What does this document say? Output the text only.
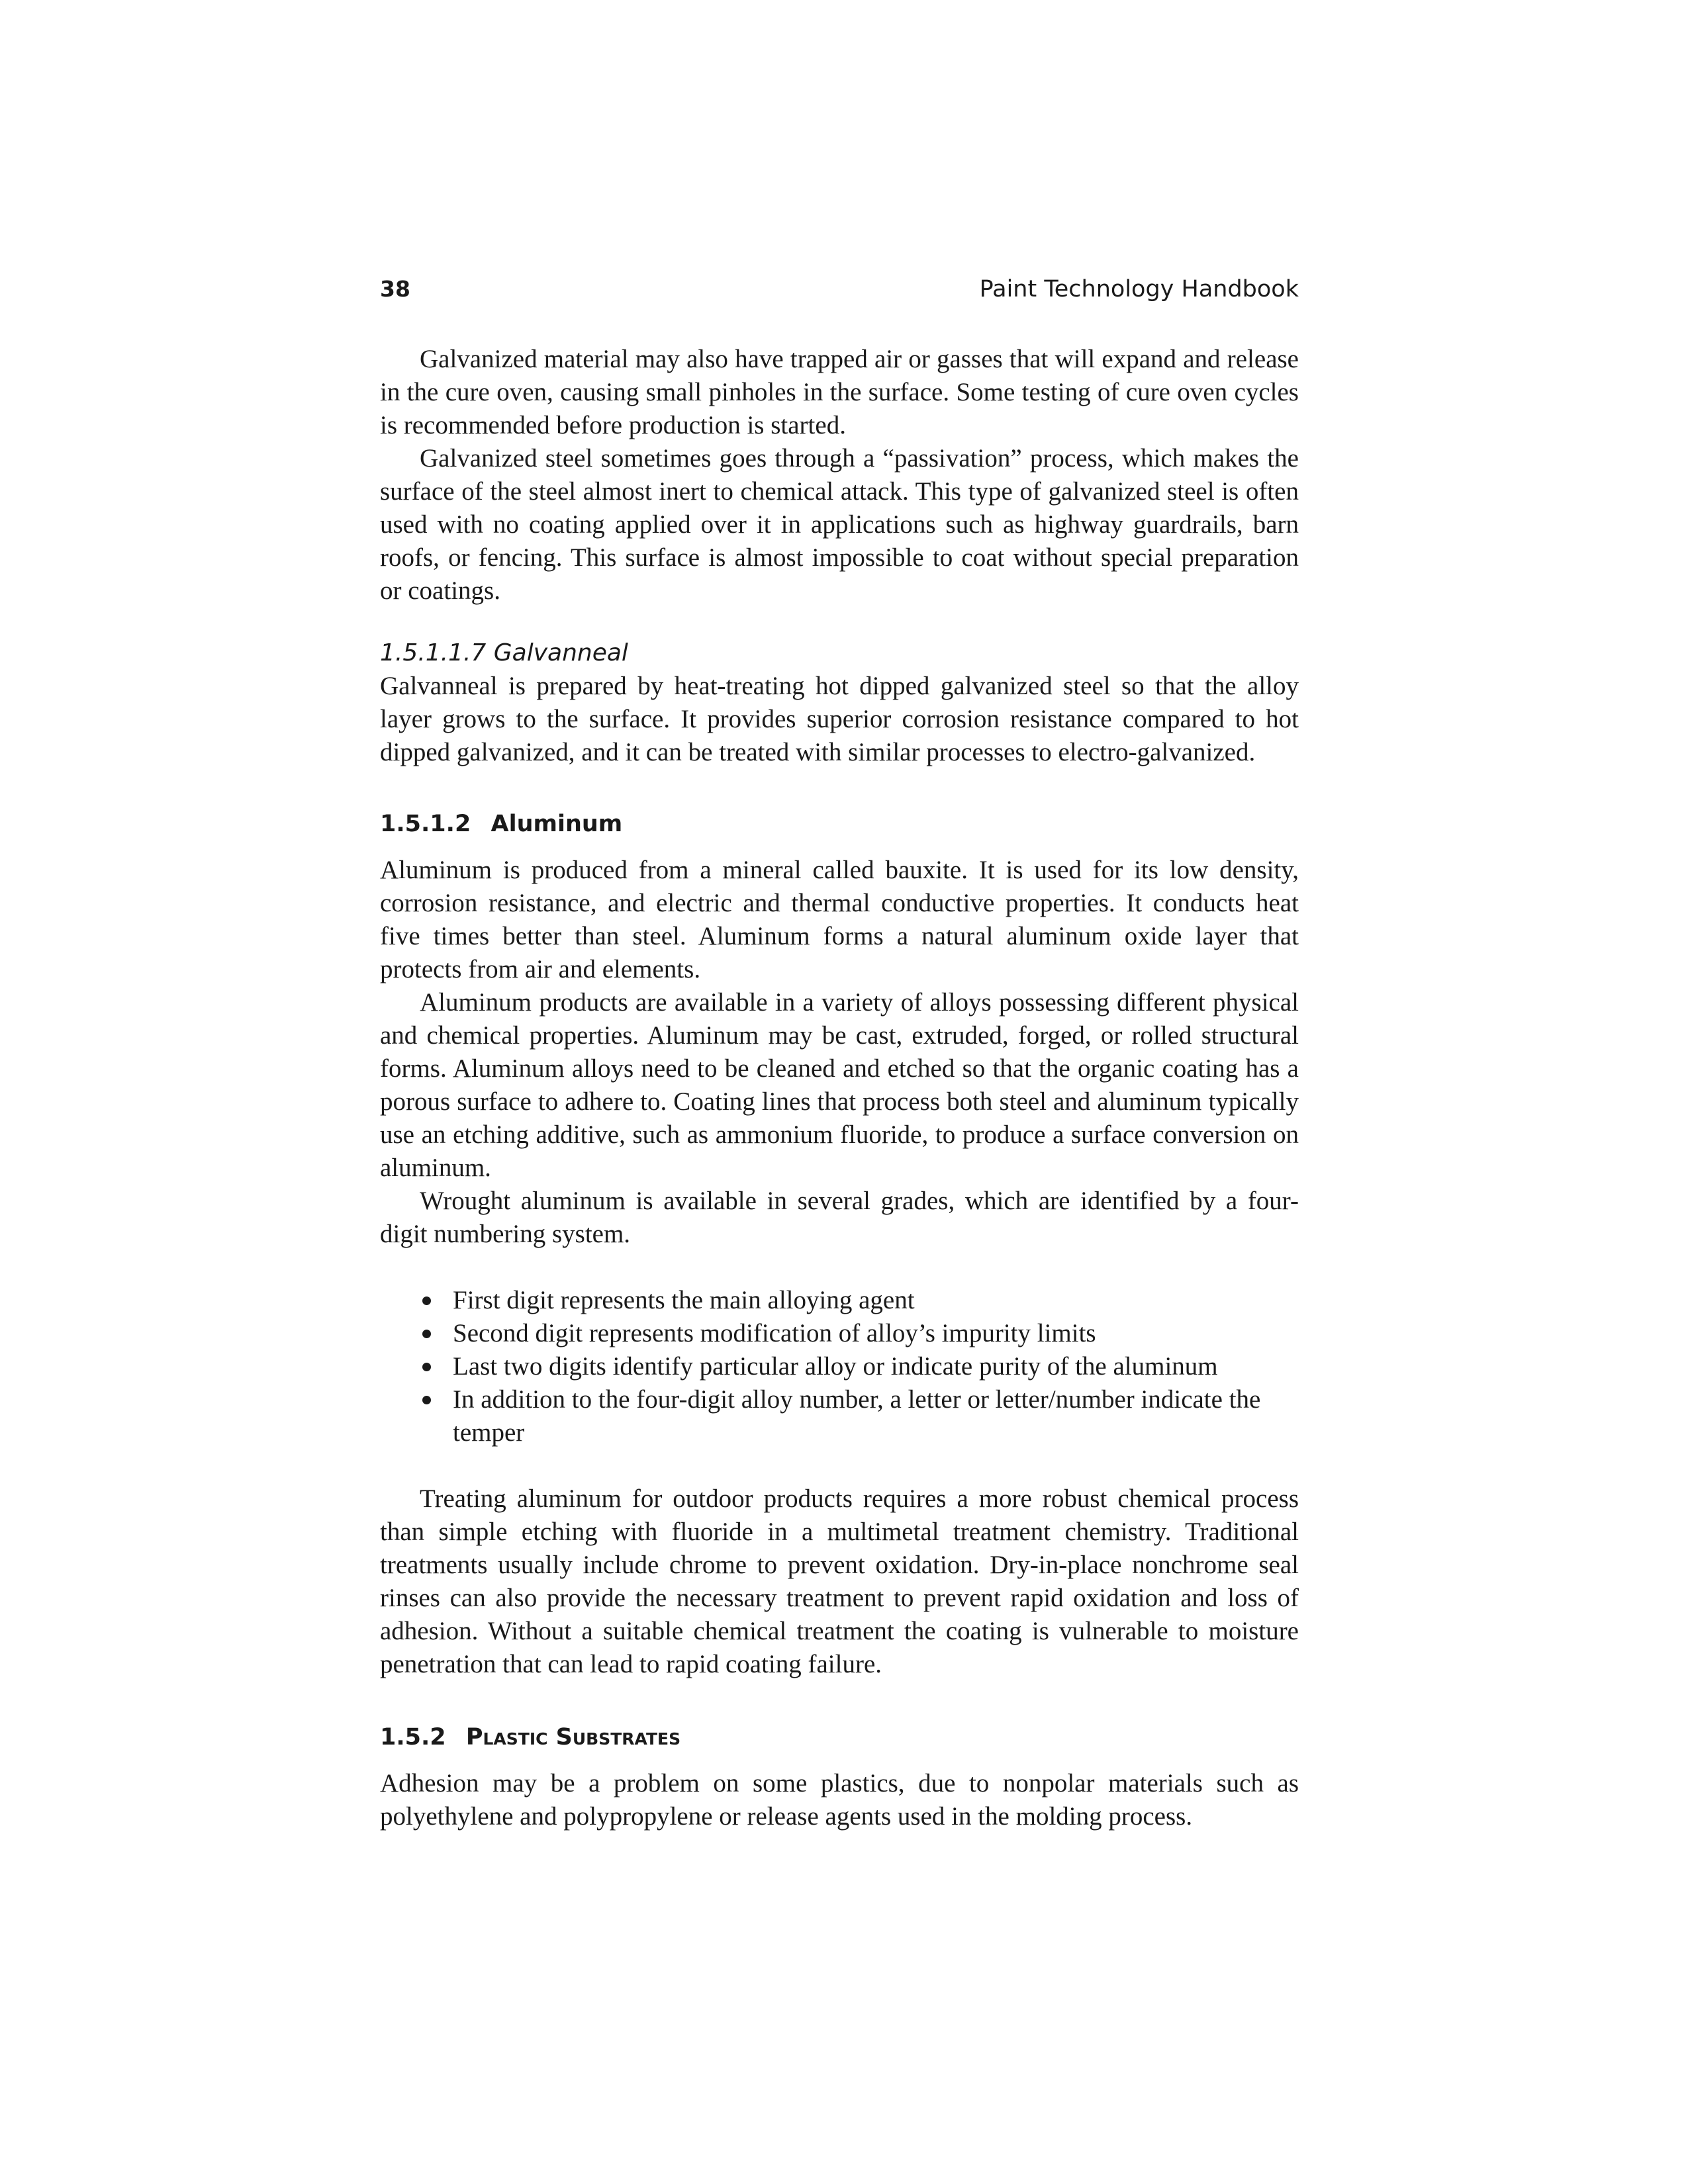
38	Paint Technology Handbook

Galvanized material may also have trapped air or gasses that will expand and release in the cure oven, causing small pinholes in the surface. Some testing of cure oven cycles is recommended before production is started.

Galvanized steel sometimes goes through a “passivation” process, which makes the surface of the steel almost inert to chemical attack. This type of galvanized steel is often used with no coating applied over it in applications such as highway guardrails, barn roofs, or fencing. This surface is almost impossible to coat without special preparation or coatings.

1.5.1.1.7 Galvanneal

Galvanneal is prepared by heat-treating hot dipped galvanized steel so that the alloy layer grows to the surface. It provides superior corrosion resistance compared to hot dipped galvanized, and it can be treated with similar processes to electro-galvanized.

1.5.1.2 Aluminum

Aluminum is produced from a mineral called bauxite. It is used for its low density, corrosion resistance, and electric and thermal conductive properties. It conducts heat five times better than steel. Aluminum forms a natural aluminum oxide layer that protects from air and elements.

Aluminum products are available in a variety of alloys possessing different physical and chemical properties. Aluminum may be cast, extruded, forged, or rolled structural forms. Aluminum alloys need to be cleaned and etched so that the organic coating has a porous surface to adhere to. Coating lines that process both steel and aluminum typically use an etching additive, such as ammonium fluoride, to produce a surface conversion on aluminum.

Wrought aluminum is available in several grades, which are identified by a four-digit numbering system.

First digit represents the main alloying agent
Second digit represents modification of alloy’s impurity limits
Last two digits identify particular alloy or indicate purity of the aluminum
In addition to the four-digit alloy number, a letter or letter/number indicate the temper

Treating aluminum for outdoor products requires a more robust chemical process than simple etching with fluoride in a multimetal treatment chemistry. Traditional treatments usually include chrome to prevent oxidation. Dry-in-place nonchrome seal rinses can also provide the necessary treatment to prevent rapid oxidation and loss of adhesion. Without a suitable chemical treatment the coating is vulnerable to moisture penetration that can lead to rapid coating failure.

1.5.2 Plastic Substrates

Adhesion may be a problem on some plastics, due to nonpolar materials such as polyethylene and polypropylene or release agents used in the molding process.
